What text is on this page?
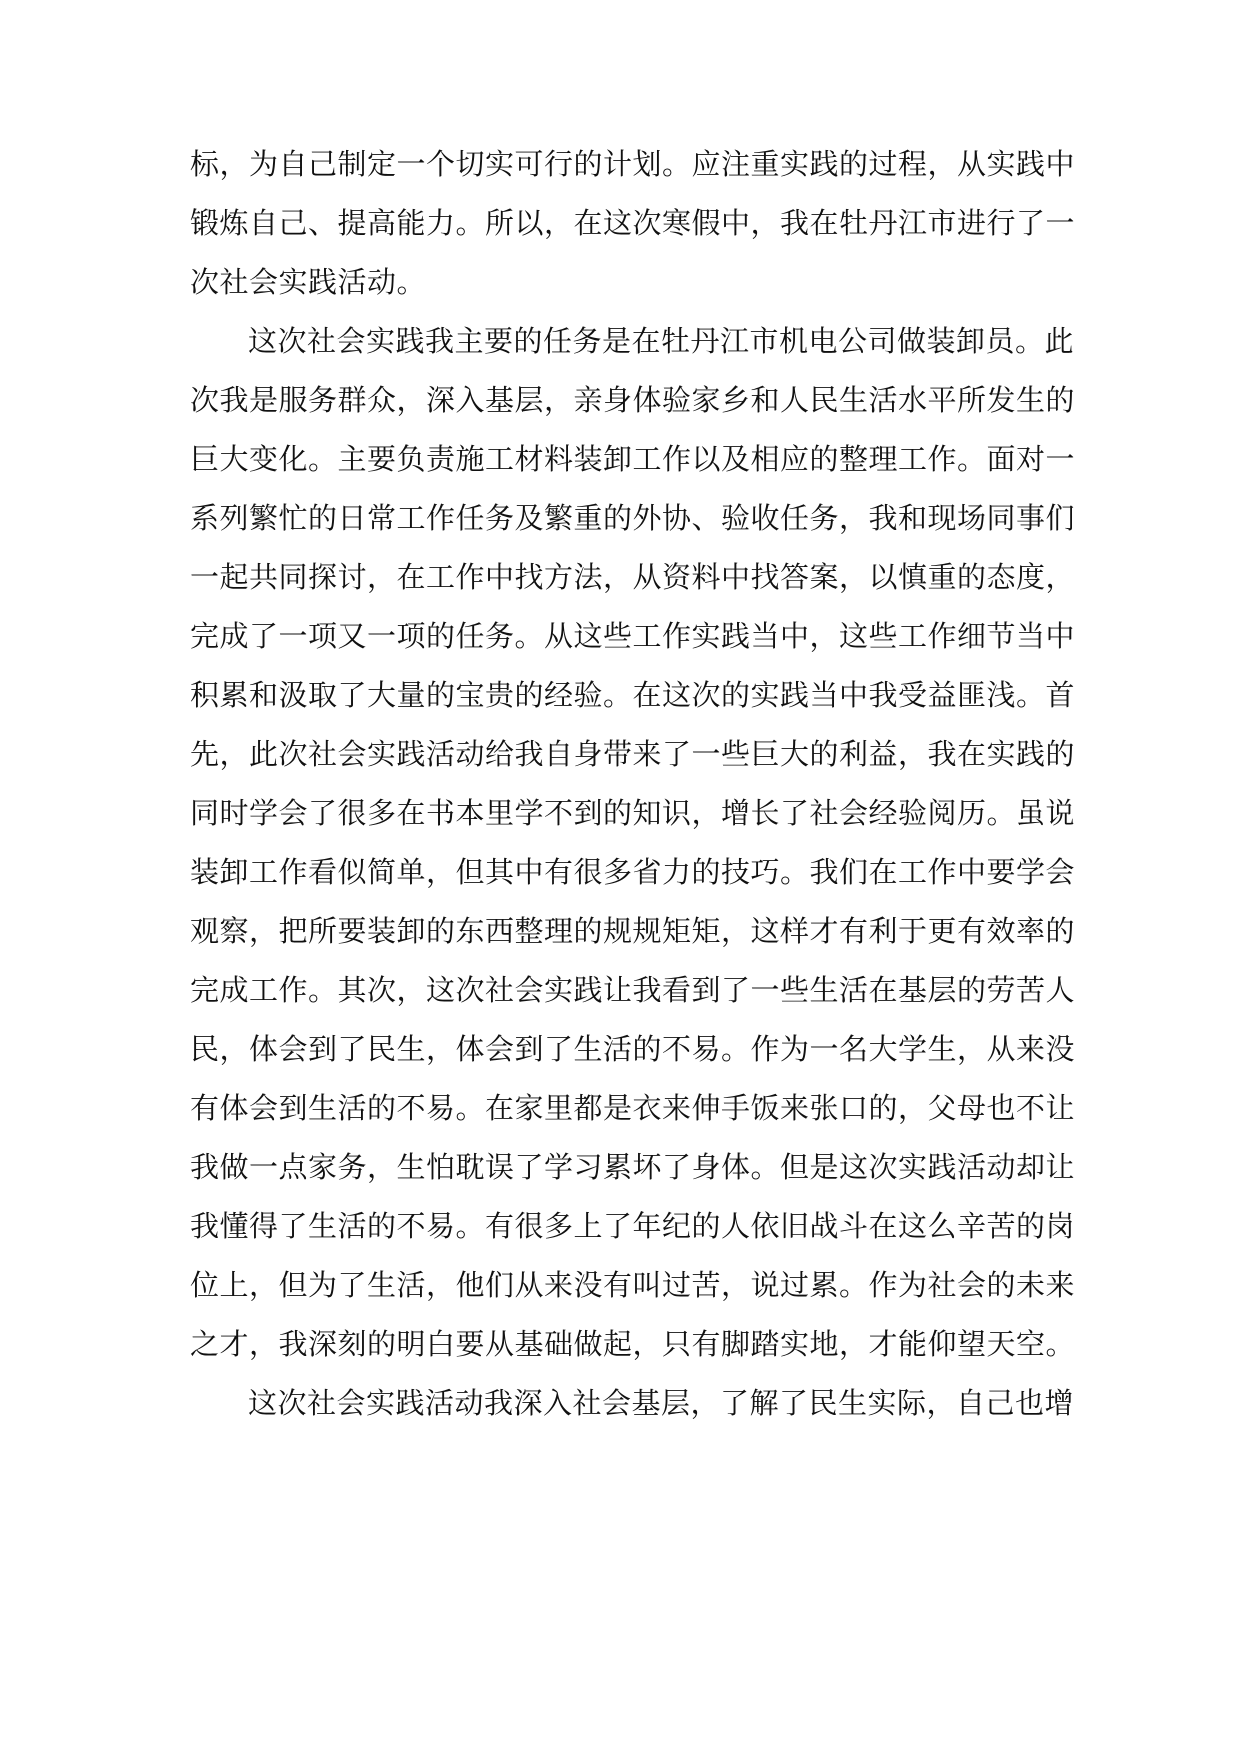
标，为自己制定一个切实可行的计划。应注重实践的过程，从实践中
锻炼自己、提高能力。所以，在这次寒假中，我在牡丹江市进行了一
次社会实践活动。
这次社会实践我主要的任务是在牡丹江市机电公司做装卸员。此
次我是服务群众，深入基层，亲身体验家乡和人民生活水平所发生的
巨大变化。主要负责施工材料装卸工作以及相应的整理工作。面对一
系列繁忙的日常工作任务及繁重的外协、验收任务，我和现场同事们
一起共同探讨，在工作中找方法，从资料中找答案，以慎重的态度，
完成了一项又一项的任务。从这些工作实践当中，这些工作细节当中
积累和汲取了大量的宝贵的经验。在这次的实践当中我受益匪浅。首
先，此次社会实践活动给我自身带来了一些巨大的利益，我在实践的
同时学会了很多在书本里学不到的知识，增长了社会经验阅历。虽说
装卸工作看似简单，但其中有很多省力的技巧。我们在工作中要学会
观察，把所要装卸的东西整理的规规矩矩，这样才有利于更有效率的
完成工作。其次，这次社会实践让我看到了一些生活在基层的劳苦人
民，体会到了民生，体会到了生活的不易。作为一名大学生，从来没
有体会到生活的不易。在家里都是衣来伸手饭来张口的，父母也不让
我做一点家务，生怕耽误了学习累坏了身体。但是这次实践活动却让
我懂得了生活的不易。有很多上了年纪的人依旧战斗在这么辛苦的岗
位上，但为了生活，他们从来没有叫过苦，说过累。作为社会的未来
之才，我深刻的明白要从基础做起，只有脚踏实地，才能仰望天空。
这次社会实践活动我深入社会基层，了解了民生实际，自己也增
